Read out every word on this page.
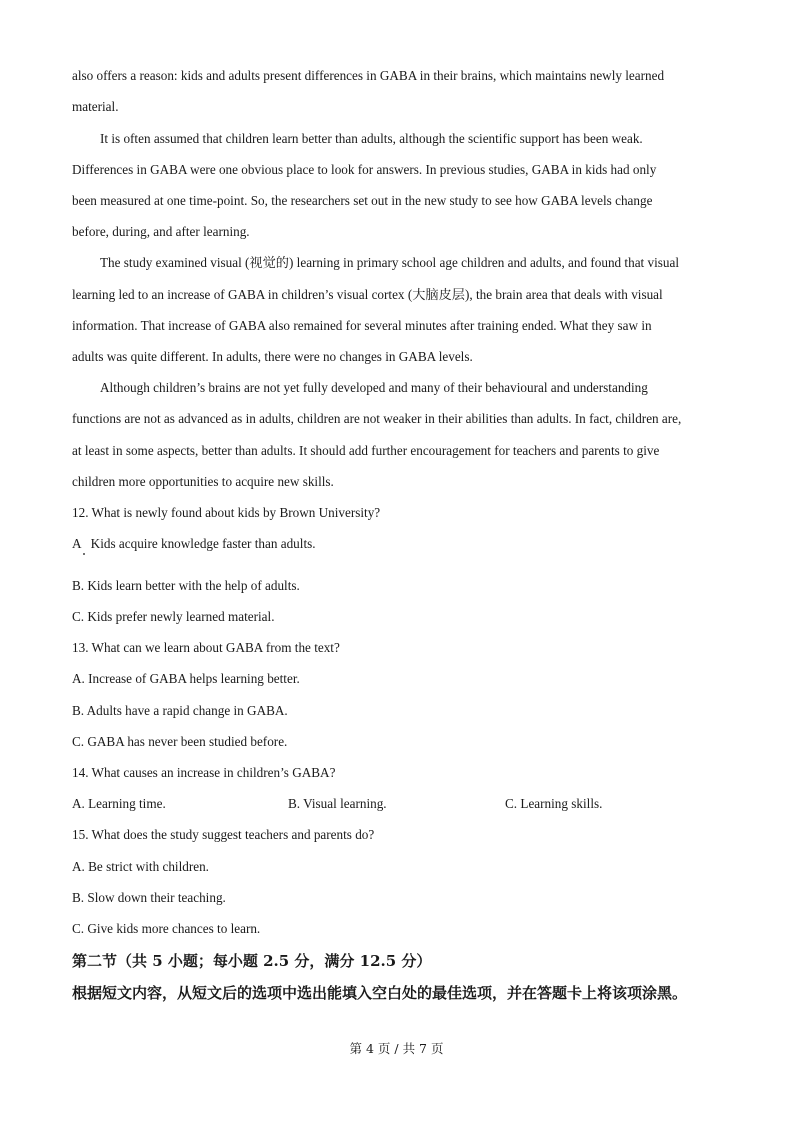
also offers a reason: kids and adults present differences in GABA in their brains, which maintains newly learned
material.
It is often assumed that children learn better than adults, although the scientific support has been weak.
Differences in GABA were one obvious place to look for answers. In previous studies, GABA in kids had only
been measured at one time-point. So, the researchers set out in the new study to see how GABA levels change
before, during, and after learning.
The study examined visual (视觉的) learning in primary school age children and adults, and found that visual
learning led to an increase of GABA in children’s visual cortex (大脑皮层), the brain area that deals with visual
information. That increase of GABA also remained for several minutes after training ended. What they saw in
adults was quite different. In adults, there were no changes in GABA levels.
Although children’s brains are not yet fully developed and many of their behavioural and understanding
functions are not as advanced as in adults, children are not weaker in their abilities than adults. In fact, children are,
at least in some aspects, better than adults. It should add further encouragement for teachers and parents to give
children more opportunities to acquire new skills.
12. What is newly found about kids by Brown University?
A   Kids acquire knowledge faster than adults.
B. Kids learn better with the help of adults.
C. Kids prefer newly learned material.
13. What can we learn about GABA from the text?
A. Increase of GABA helps learning better.
B. Adults have a rapid change in GABA.
C. GABA has never been studied before.
14. What causes an increase in children’s GABA?
A. Learning time.	B. Visual learning.	C. Learning skills.
15. What does the study suggest teachers and parents do?
A. Be strict with children.
B. Slow down their teaching.
C. Give kids more chances to learn.
第二节（共 5 小题；每小题 2.5 分，满分 12.5 分）
根据短文内容，从短文后的选项中选出能填入空白处的最佳选项，并在答题卡上将该项涂黑。
第 4 页 / 共 7 页
